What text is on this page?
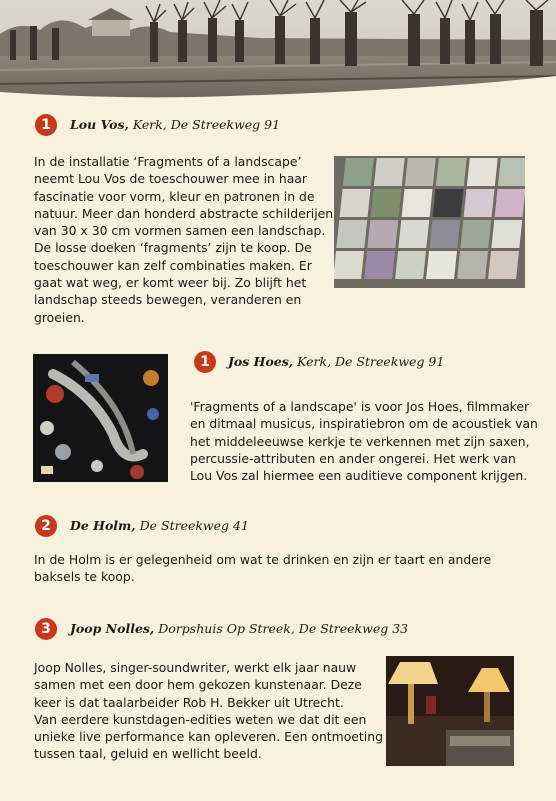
1	Lou Vos, Kerk, De Streekweg 91
In de installatie ‘Fragments of a landscape’
neemt Lou Vos de toeschouwer mee in haar
fascinatie voor vorm, kleur en patronen in de
natuur. Meer dan honderd abstracte schilderijen
van 30 x 30 cm vormen samen een landschap.
De losse doeken ‘fragments’ zijn te koop. De
toeschouwer kan zelf combinaties maken. Er
gaat wat weg, er komt weer bij. Zo blijft het
landschap steeds bewegen, veranderen en
groeien.
1	Jos Hoes, Kerk, De Streekweg 91
'Fragments of a landscape' is voor Jos Hoes, filmmaker
en ditmaal musicus, inspiratiebron om de acoustiek van
het middeleeuwse kerkje te verkennen met zijn saxen,
percussie-attributen en ander ongerei. Het werk van
Lou Vos zal hiermee een auditieve component krijgen.
2	De Holm, De Streekweg 41
In de Holm is er gelegenheid om wat te drinken en zijn er taart en andere
baksels te koop.
3	Joop Nolles, Dorpshuis Op Streek, De Streekweg 33
Joop Nolles, singer-soundwriter, werkt elk jaar nauw
samen met een door hem gekozen kunstenaar. Deze
keer is dat taalarbeider Rob H. Bekker uit Utrecht.
Van eerdere kunstdagen-edities weten we dat dit een
unieke live performance kan opleveren. Een ontmoeting
tussen taal, geluid en wellicht beeld.
